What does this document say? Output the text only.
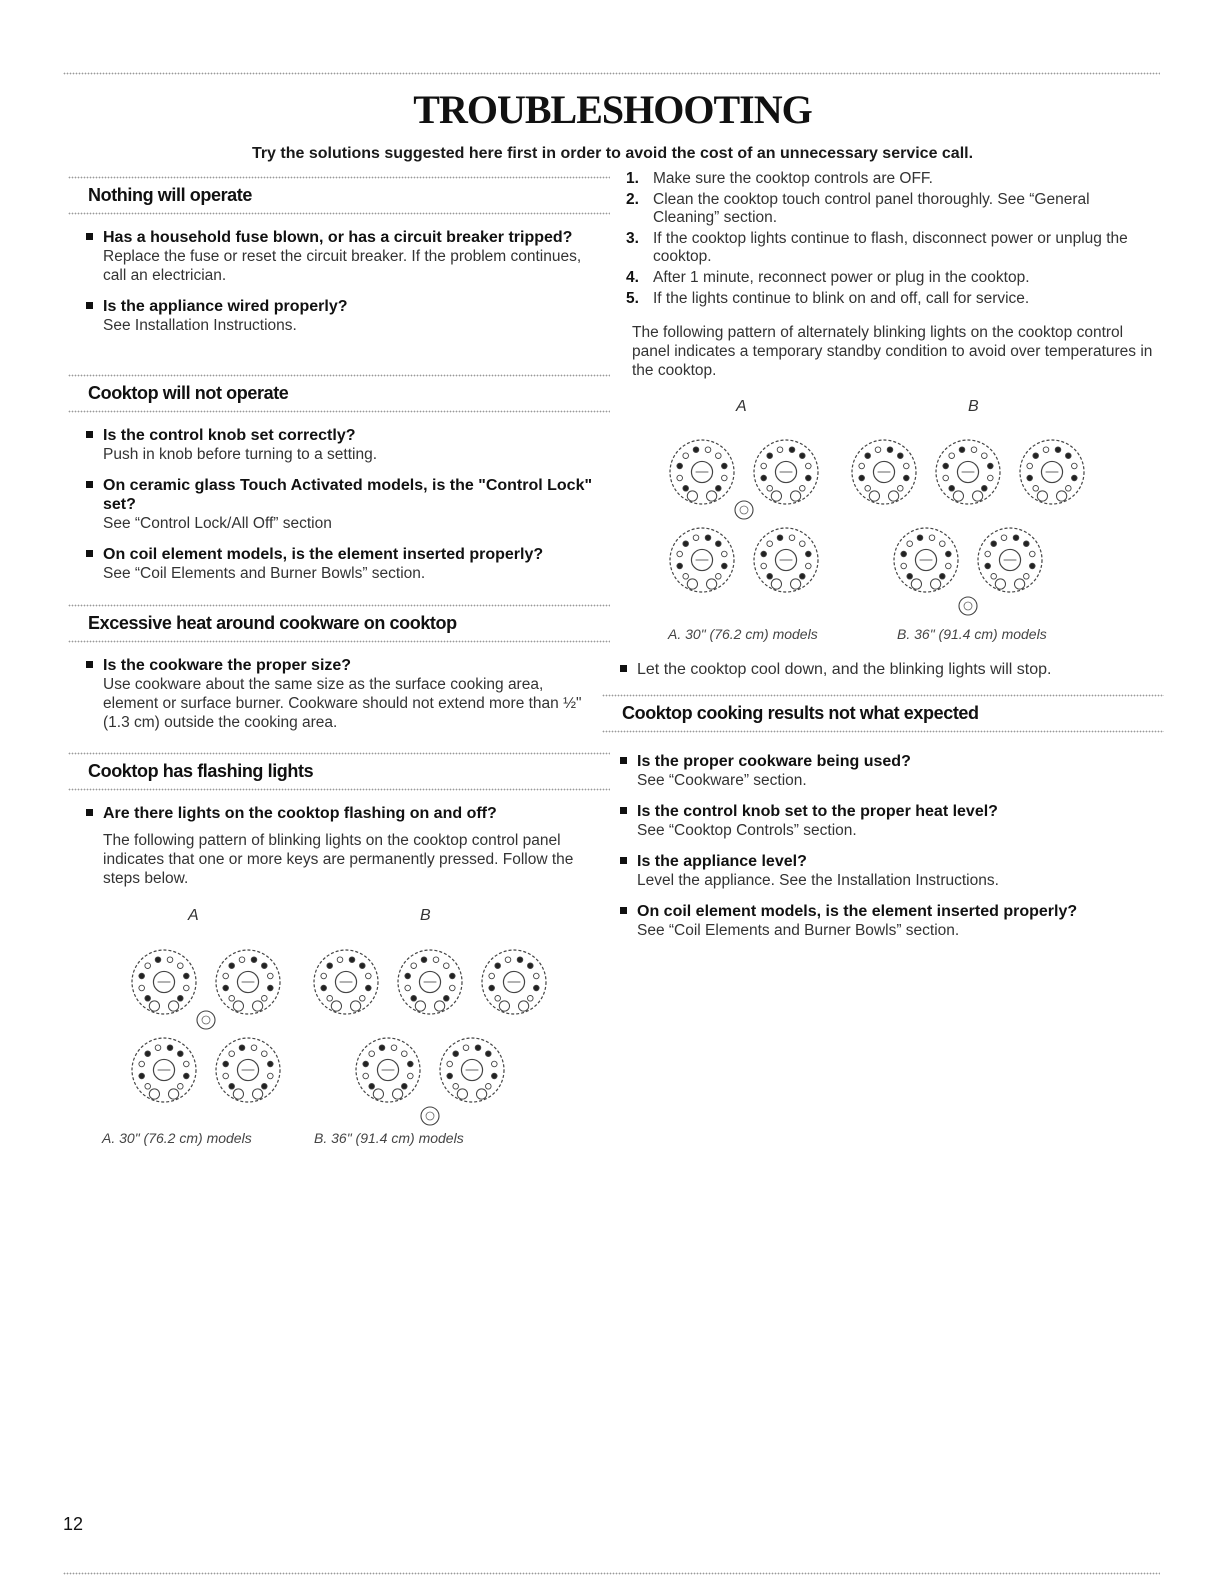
TROUBLESHOOTING
Try the solutions suggested here first in order to avoid the cost of an unnecessary service call.
Nothing will operate
Has a household fuse blown, or has a circuit breaker tripped?
Replace the fuse or reset the circuit breaker. If the problem continues, call an electrician.
Is the appliance wired properly?
See Installation Instructions.
Cooktop will not operate
Is the control knob set correctly?
Push in knob before turning to a setting.
On ceramic glass Touch Activated models, is the "Control Lock" set?
See “Control Lock/All Off” section
On coil element models, is the element inserted properly?
See “Coil Elements and Burner Bowls” section.
Excessive heat around cookware on cooktop
Is the cookware the proper size?
Use cookware about the same size as the surface cooking area, element or surface burner. Cookware should not extend more than ½" (1.3 cm) outside the cooking area.
Cooktop has flashing lights
Are there lights on the cooktop flashing on and off?

The following pattern of blinking lights on the cooktop control panel indicates that one or more keys are permanently pressed. Follow the steps below.

A	B
A. 30" (76.2 cm) models	B. 36" (91.4 cm) models
1. Make sure the cooktop controls are OFF.
2. Clean the cooktop touch control panel thoroughly. See “General Cleaning” section.
3. If the cooktop lights continue to flash, disconnect power or unplug the cooktop.
4. After 1 minute, reconnect power or plug in the cooktop.
5. If the lights continue to blink on and off, call for service.

The following pattern of alternately blinking lights on the cooktop control panel indicates a temporary standby condition to avoid over temperatures in the cooktop.

A	B
A. 30" (76.2 cm) models	B. 36" (91.4 cm) models
Let the cooktop cool down, and the blinking lights will stop.
Cooktop cooking results not what expected
Is the proper cookware being used?
See “Cookware” section.
Is the control knob set to the proper heat level?
See “Cooktop Controls” section.
Is the appliance level?
Level the appliance. See the Installation Instructions.
On coil element models, is the element inserted properly?
See “Coil Elements and Burner Bowls” section.
12
